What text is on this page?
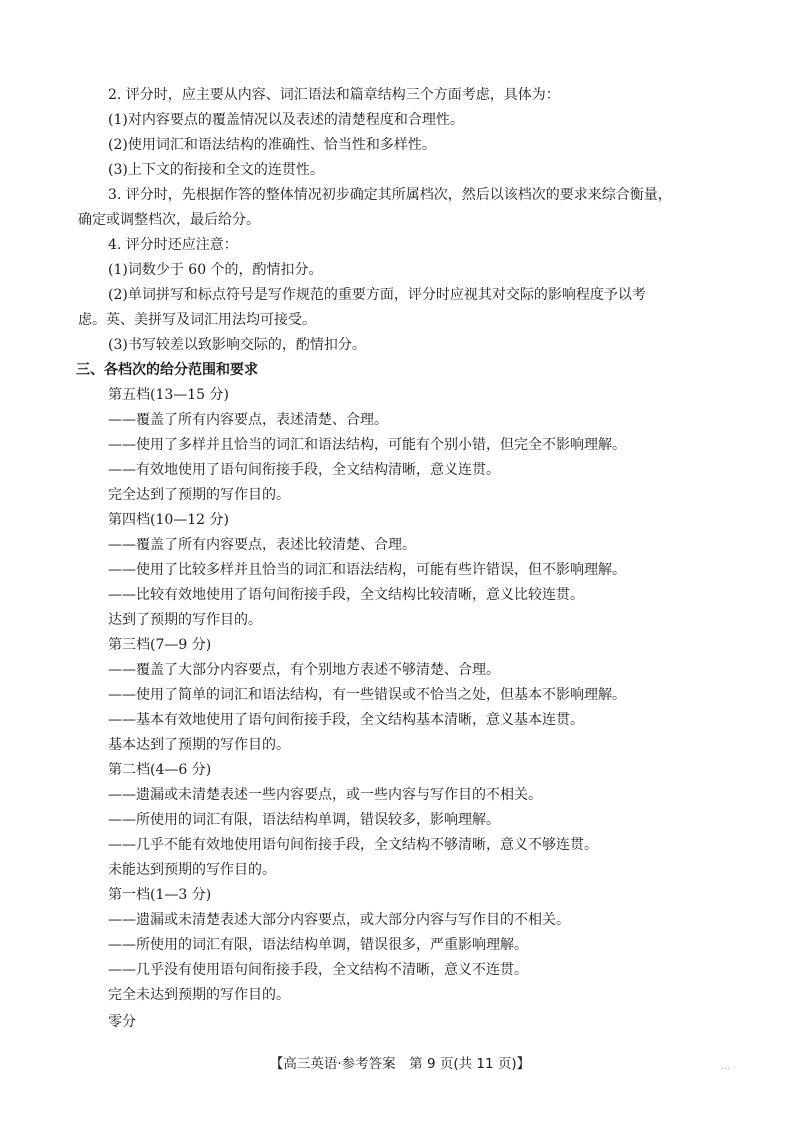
2. 评分时，应主要从内容、词汇语法和篇章结构三个方面考虑，具体为：
(1)对内容要点的覆盖情况以及表述的清楚程度和合理性。
(2)使用词汇和语法结构的准确性、恰当性和多样性。
(3)上下文的衔接和全文的连贯性。
3. 评分时，先根据作答的整体情况初步确定其所属档次，然后以该档次的要求来综合衡量，
确定或调整档次，最后给分。
4. 评分时还应注意：
(1)词数少于 60 个的，酌情扣分。
(2)单词拼写和标点符号是写作规范的重要方面，评分时应视其对交际的影响程度予以考
虑。英、美拼写及词汇用法均可接受。
(3)书写较差以致影响交际的，酌情扣分。
三、各档次的给分范围和要求
第五档(13—15 分)
——覆盖了所有内容要点，表述清楚、合理。
——使用了多样并且恰当的词汇和语法结构，可能有个别小错，但完全不影响理解。
——有效地使用了语句间衔接手段，全文结构清晰，意义连贯。
完全达到了预期的写作目的。
第四档(10—12 分)
——覆盖了所有内容要点，表述比较清楚、合理。
——使用了比较多样并且恰当的词汇和语法结构，可能有些许错误，但不影响理解。
——比较有效地使用了语句间衔接手段，全文结构比较清晰，意义比较连贯。
达到了预期的写作目的。
第三档(7—9 分)
——覆盖了大部分内容要点，有个别地方表述不够清楚、合理。
——使用了简单的词汇和语法结构，有一些错误或不恰当之处，但基本不影响理解。
——基本有效地使用了语句间衔接手段，全文结构基本清晰，意义基本连贯。
基本达到了预期的写作目的。
第二档(4—6 分)
——遗漏或未清楚表述一些内容要点，或一些内容与写作目的不相关。
——所使用的词汇有限，语法结构单调，错误较多，影响理解。
——几乎不能有效地使用语句间衔接手段，全文结构不够清晰，意义不够连贯。
未能达到预期的写作目的。
第一档(1—3 分)
——遗漏或未清楚表述大部分内容要点，或大部分内容与写作目的不相关。
——所使用的词汇有限，语法结构单调，错误很多，严重影响理解。
——几乎没有使用语句间衔接手段，全文结构不清晰，意义不连贯。
完全未达到预期的写作目的。
零分
【高三英语·参考答案　第 9 页(共 11 页)】	...
